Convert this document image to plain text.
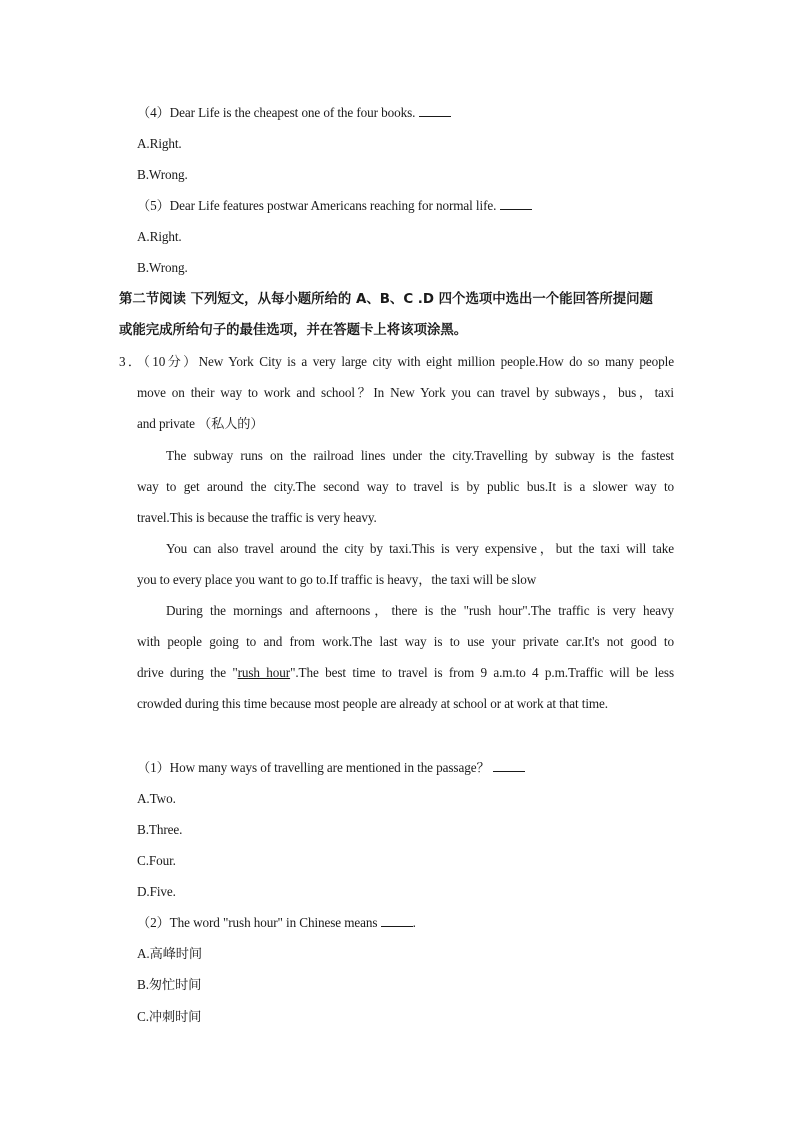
（4）Dear Life is the cheapest one of the four books.
A.Right.
B.Wrong.
（5）Dear Life features postwar Americans reaching for normal life.
A.Right.
B.Wrong.
第二节阅读 下列短文，从每小题所给的 A、B、C .D 四个选项中选出一个能回答所提问题
或能完成所给句子的最佳选项，并在答题卡上将该项涂黑。
3．（10分）New York City is a very large city with eight million people.How do so many people
move on their way to work and school？In New York you can travel by subways，bus，taxi
and private （私人的）
The subway runs on the railroad lines under the city.Travelling by subway is the fastest
way to get around the city.The second way to travel is by public bus.It is a slower way to
travel.This is because the traffic is very heavy.
You can also travel around the city by taxi.This is very expensive，but the taxi will take
you to every place you want to go to.If traffic is heavy，the taxi will be slow
During the mornings and afternoons，there is the "rush hour".The traffic is very heavy
with people going to and from work.The last way is to use your private car.It's not good to
drive during the "rush hour".The best time to travel is from 9 a.m.to 4 p.m.Traffic will be less
crowded during this time because most people are already at school or at work at that time.
（1）How many ways of travelling are mentioned in the passage？
A.Two.
B.Three.
C.Four.
D.Five.
（2）The word "rush hour" in Chinese means .
A.高峰时间
B.匆忙时间
C.冲刺时间
